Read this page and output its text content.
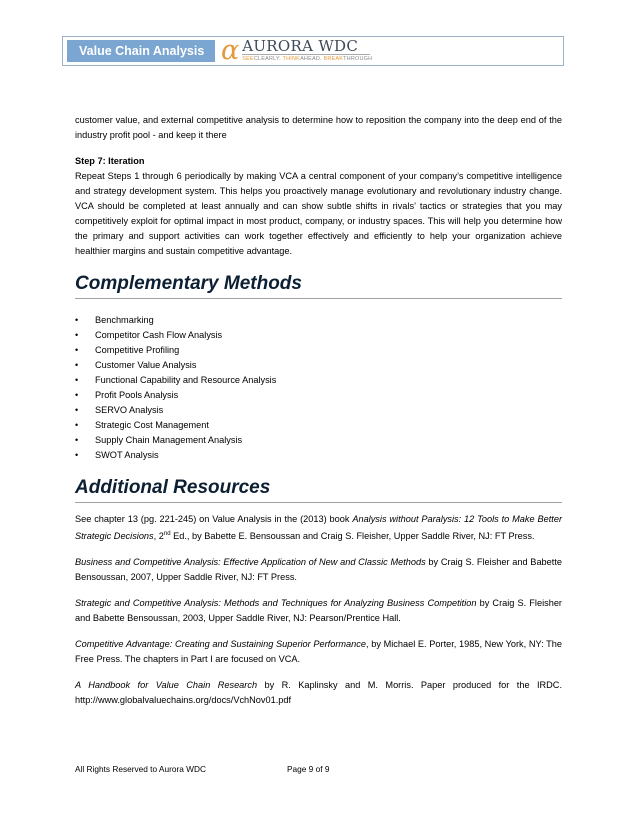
Value Chain Analysis α AURORA WDC
SEECLEARLY. THINKAHEAD. BREAKTHROUGH

customer value, and external competitive analysis to determine how to reposition the company into the deep end of the industry profit pool - and keep it there

Step 7: Iteration

Repeat Steps 1 through 6 periodically by making VCA a central component of your company’s competitive intelligence and strategy development system. This helps you proactively manage evolutionary and revolutionary industry change. VCA should be completed at least annually and can show subtle shifts in rivals’ tactics or strategies that you may competitively exploit for optimal impact in most product, company, or industry spaces. This will help you determine how the primary and support activities can work together effectively and efficiently to help your organization achieve healthier margins and sustain competitive advantage.

Complementary Methods
•	Benchmarking
•	Competitor Cash Flow Analysis
•	Competitive Profiling
•	Customer Value Analysis
•	Functional Capability and Resource Analysis
•	Profit Pools Analysis
•	SERVO Analysis
•	Strategic Cost Management
•	Supply Chain Management Analysis
•	SWOT Analysis
Additional Resources

See chapter 13 (pg. 221-245) on Value Analysis in the (2013) book Analysis without Paralysis: 12 Tools to Make Better Strategic Decisions, 2nd Ed., by Babette E. Bensoussan and Craig S. Fleisher, Upper Saddle River, NJ: FT Press.

Business and Competitive Analysis: Effective Application of New and Classic Methods by Craig S. Fleisher and Babette Bensoussan, 2007, Upper Saddle River, NJ: FT Press.

Strategic and Competitive Analysis: Methods and Techniques for Analyzing Business Competition by Craig S. Fleisher and Babette Bensoussan, 2003, Upper Saddle River, NJ: Pearson/Prentice Hall.

Competitive Advantage: Creating and Sustaining Superior Performance, by Michael E. Porter, 1985, New York, NY: The Free Press. The chapters in Part I are focused on VCA.

A Handbook for Value Chain Research by R. Kaplinsky and M. Morris. Paper produced for the IRDC. http://www.globalvaluechains.org/docs/VchNov01.pdf

All Rights Reserved to Aurora WDC	Page 9 of 9
